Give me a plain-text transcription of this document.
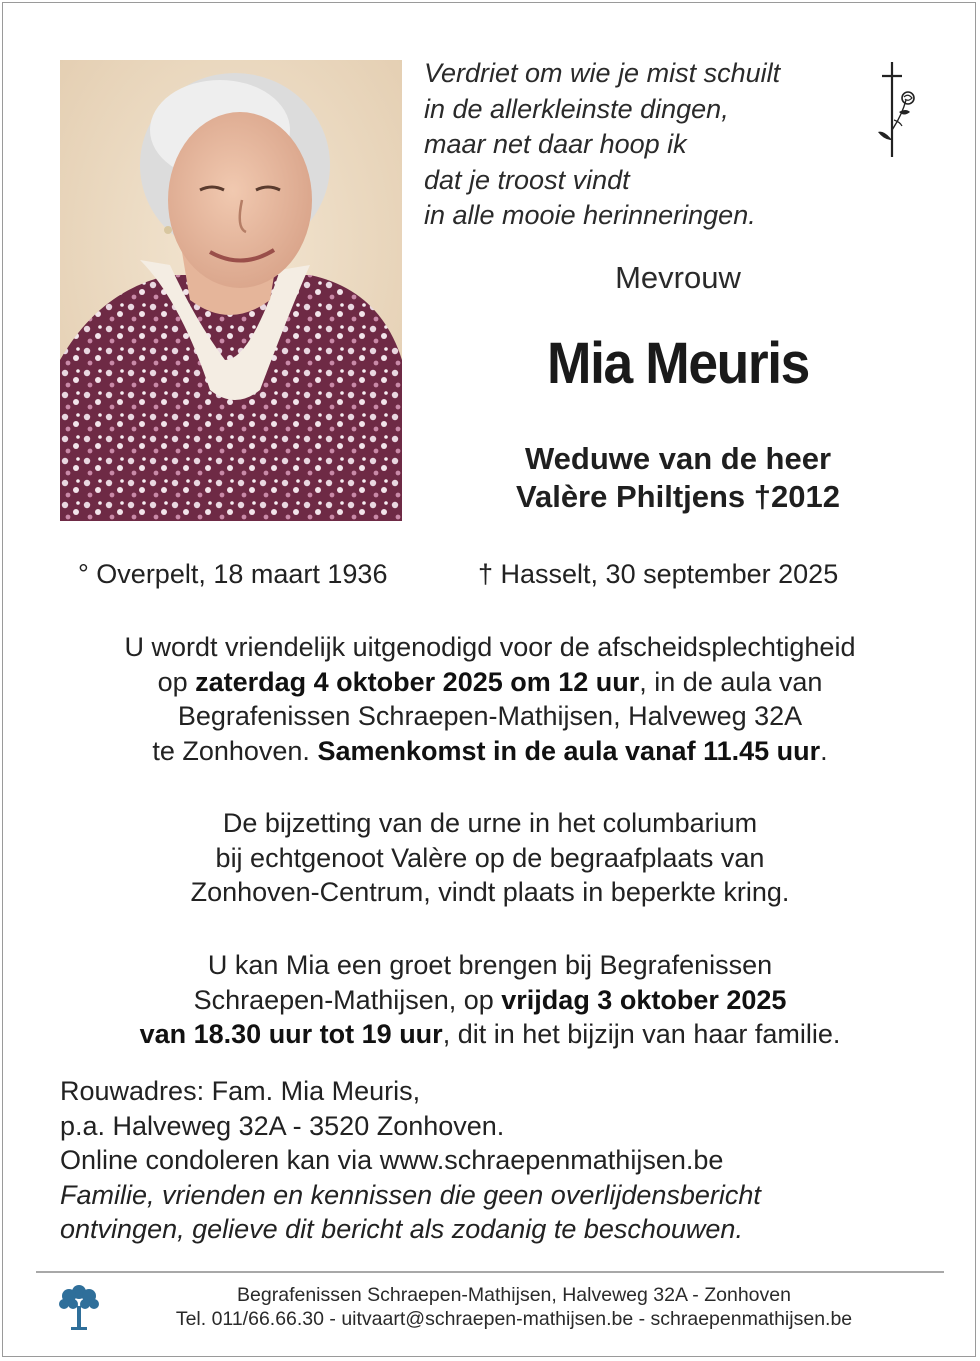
Verdriet om wie je mist schuilt
in de allerkleinste dingen,
maar net daar hoop ik
dat je troost vindt
in alle mooie herinneringen.
Mevrouw
Mia Meuris
Weduwe van de heer
Valère Philtjens †2012
° Overpelt, 18 maart 1936	† Hasselt, 30 september 2025
U wordt vriendelijk uitgenodigd voor de afscheidsplechtigheid
op zaterdag 4 oktober 2025 om 12 uur, in de aula van
Begrafenissen Schraepen-Mathijsen, Halveweg 32A
te Zonhoven. Samenkomst in de aula vanaf 11.45 uur.
De bijzetting van de urne in het columbarium
bij echtgenoot Valère op de begraafplaats van
Zonhoven-Centrum, vindt plaats in beperkte kring.
U kan Mia een groet brengen bij Begrafenissen
Schraepen-Mathijsen, op vrijdag 3 oktober 2025
van 18.30 uur tot 19 uur, dit in het bijzijn van haar familie.
Rouwadres: Fam. Mia Meuris,
p.a. Halveweg 32A - 3520 Zonhoven.
Online condoleren kan via www.schraepenmathijsen.be
Familie, vrienden en kennissen die geen overlijdensbericht
ontvingen, gelieve dit bericht als zodanig te beschouwen.
Begrafenissen Schraepen-Mathijsen, Halveweg 32A - Zonhoven
Tel. 011/66.66.30 - uitvaart@schraepen-mathijsen.be - schraepenmathijsen.be
